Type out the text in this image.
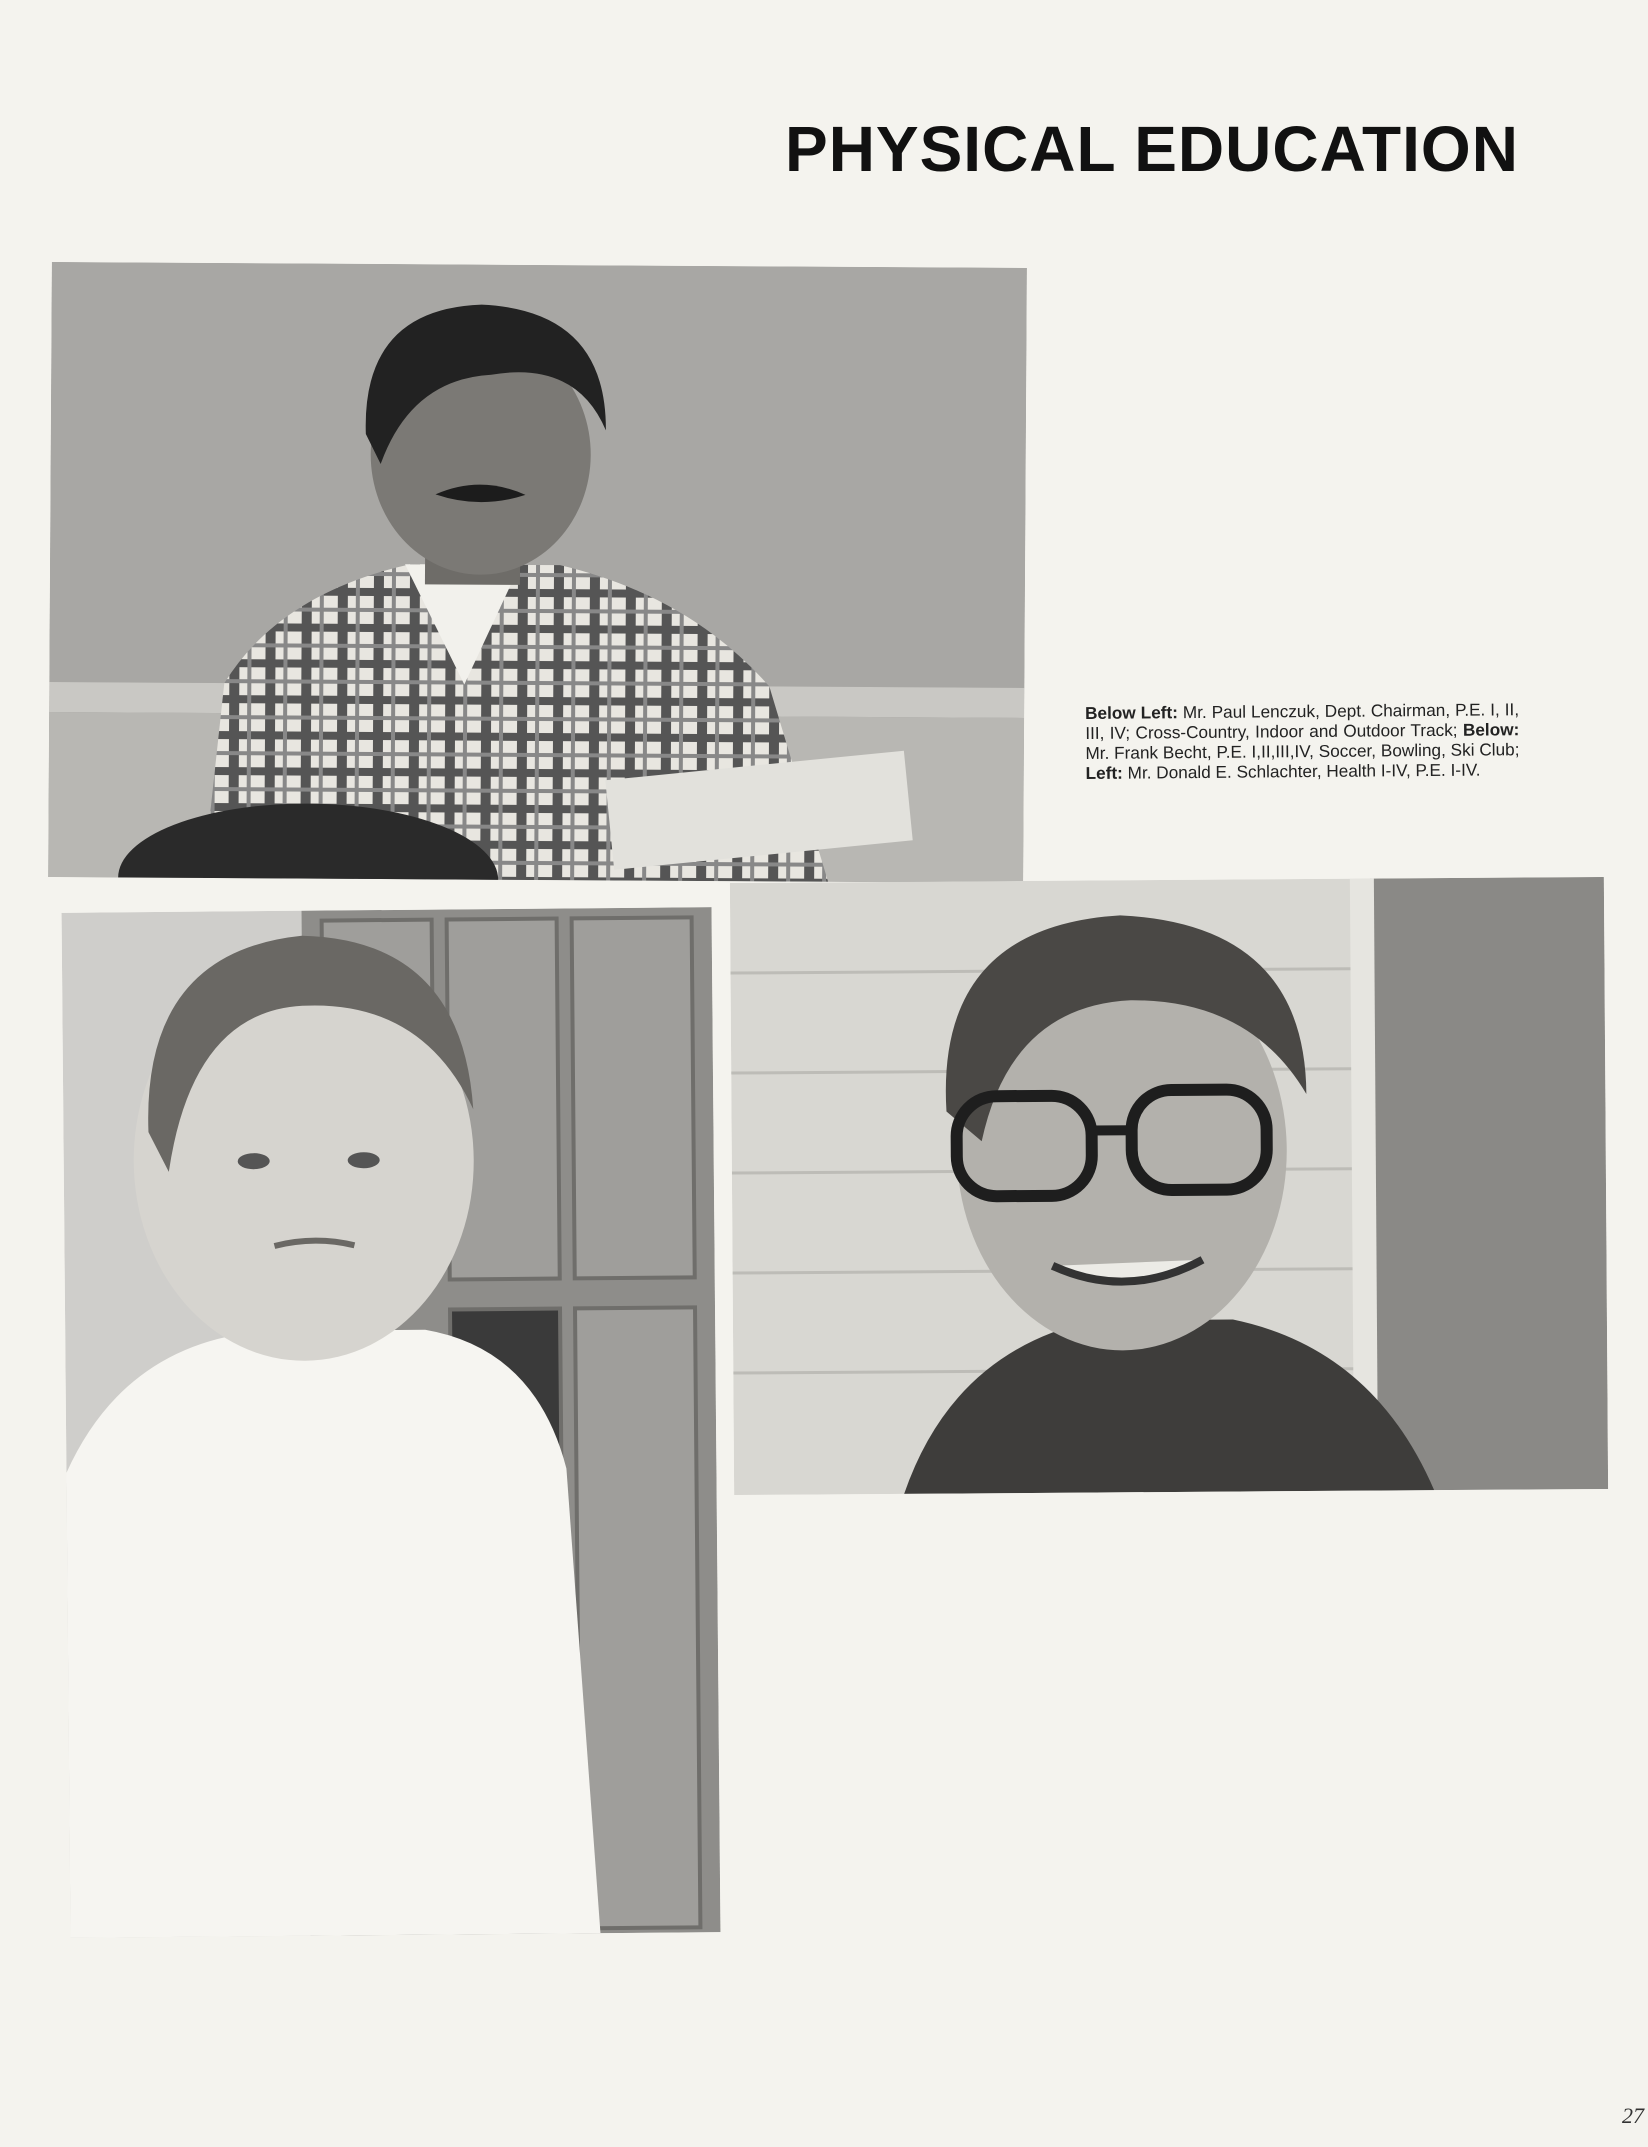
PHYSICAL EDUCATION

Below Left: Mr. Paul Lenczuk, Dept. Chairman, P.E. I, II, III, IV; Cross-Country, Indoor and Outdoor Track; Below: Mr. Frank Becht, P.E. I,II,III,IV, Soccer, Bowling, Ski Club; Left: Mr. Donald E. Schlachter, Health I-IV, P.E. I-IV.

27
